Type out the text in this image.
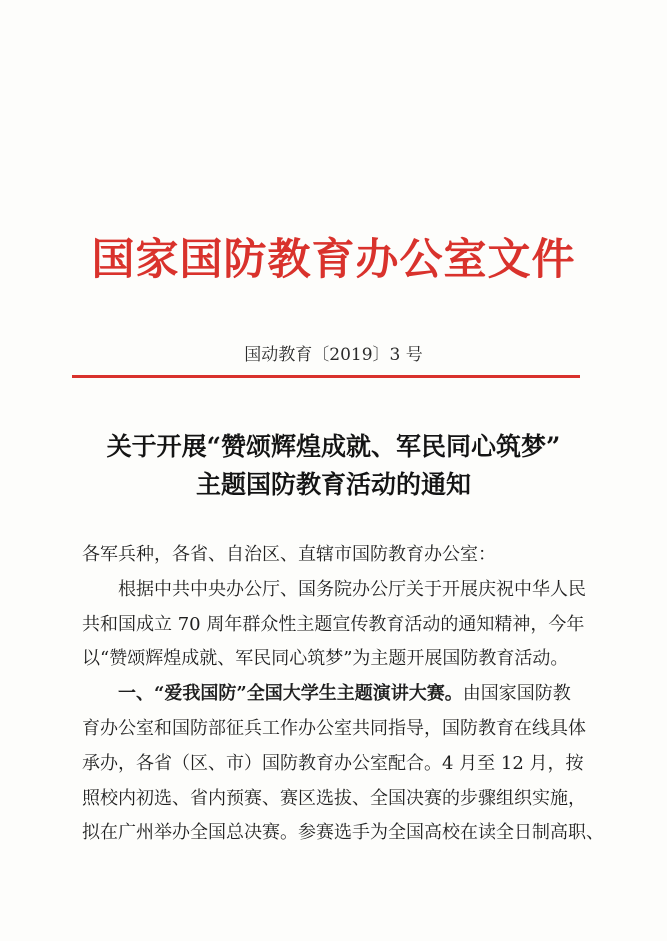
国家国防教育办公室文件
国动教育〔2019〕3 号
关于开展“赞颂辉煌成就、军民同心筑梦”
主题国防教育活动的通知
各军兵种，各省、自治区、直辖市国防教育办公室：
根据中共中央办公厅、国务院办公厅关于开展庆祝中华人民
共和国成立 70 周年群众性主题宣传教育活动的通知精神，今年
以“赞颂辉煌成就、军民同心筑梦”为主题开展国防教育活动。
一、“爱我国防”全国大学生主题演讲大赛。由国家国防教
育办公室和国防部征兵工作办公室共同指导，国防教育在线具体
承办，各省（区、市）国防教育办公室配合。4 月至 12 月，按
照校内初选、省内预赛、赛区选拔、全国决赛的步骤组织实施，
拟在广州举办全国总决赛。参赛选手为全国高校在读全日制高职、
